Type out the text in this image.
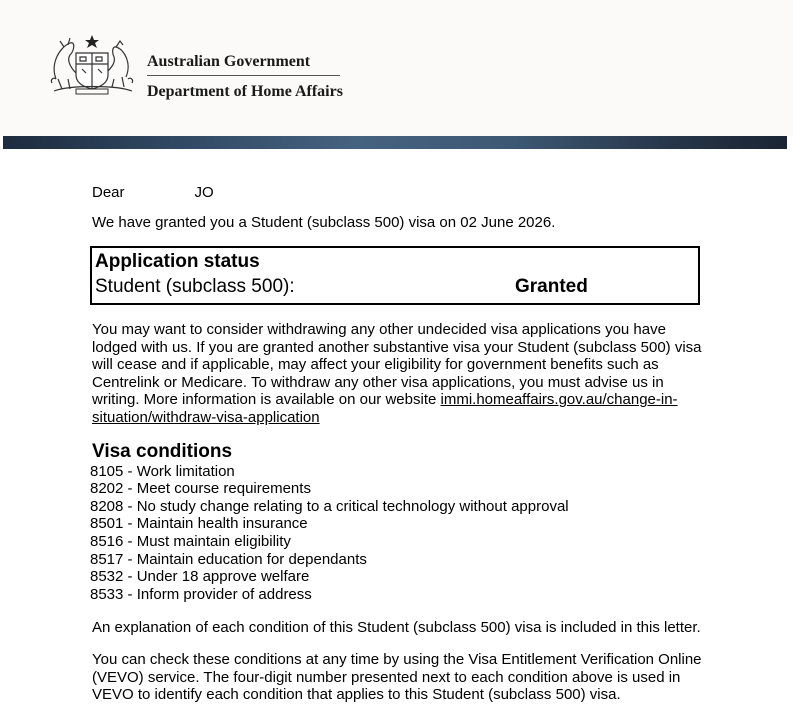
Australian Government
Department of Home Affairs

Dear	JO

We have granted you a Student (subclass 500) visa on 02 June 2026.

Application status
Student (subclass 500):	Granted

You may want to consider withdrawing any other undecided visa applications you have lodged with us. If you are granted another substantive visa your Student (subclass 500) visa will cease and if applicable, may affect your eligibility for government benefits such as Centrelink or Medicare. To withdraw any other visa applications, you must advise us in writing. More information is available on our website immi.homeaffairs.gov.au/change-in-situation/withdraw-visa-application

Visa conditions
8105 - Work limitation
8202 - Meet course requirements
8208 - No study change relating to a critical technology without approval
8501 - Maintain health insurance
8516 - Must maintain eligibility
8517 - Maintain education for dependants
8532 - Under 18 approve welfare
8533 - Inform provider of address

An explanation of each condition of this Student (subclass 500) visa is included in this letter.

You can check these conditions at any time by using the Visa Entitlement Verification Online (VEVO) service. The four-digit number presented next to each condition above is used in VEVO to identify each condition that applies to this Student (subclass 500) visa.
